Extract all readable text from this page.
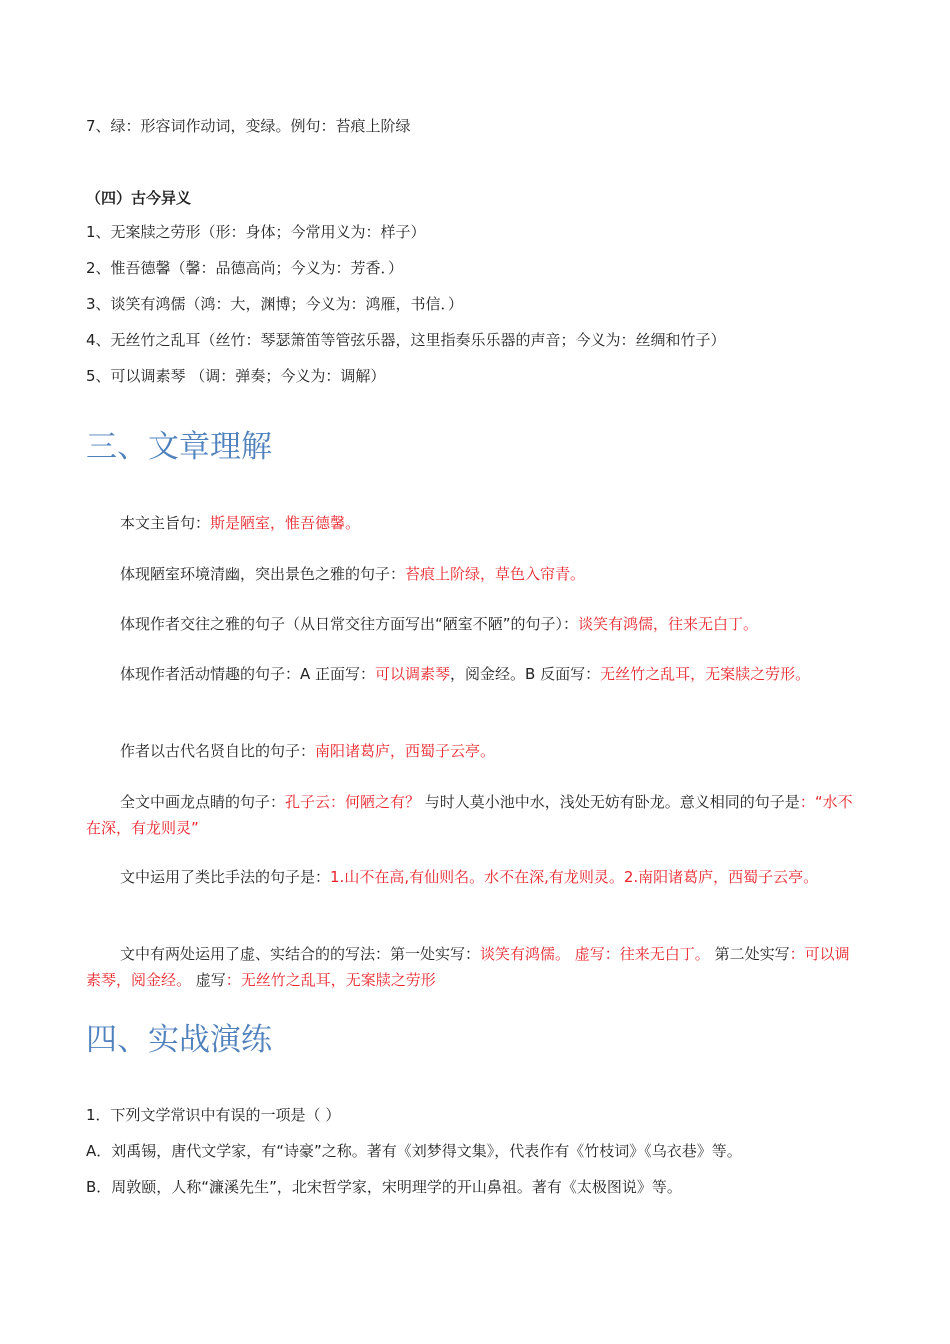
7、绿：形容词作动词，变绿。例句：苔痕上阶绿
（四）古今异义
1、无案牍之劳形（形：身体；今常用义为：样子）
2、惟吾德馨（馨：品德高尚；今义为：芳香．）
3、谈笑有鸿儒（鸿：大，渊博；今义为：鸿雁，书信．）
4、无丝竹之乱耳（丝竹：琴瑟箫笛等管弦乐器，这里指奏乐乐器的声音；今义为：丝绸和竹子）
5、可以调素琴 （调：弹奏；今义为：调解）
三、文章理解
本文主旨句：斯是陋室，惟吾德馨。
体现陋室环境清幽，突出景色之雅的句子：苔痕上阶绿，草色入帘青。
体现作者交往之雅的句子（从日常交往方面写出“陋室不陋”的句子）：谈笑有鸿儒，往来无白丁。
体现作者活动情趣的句子：A 正面写：可以调素琴，阅金经。B 反面写：无丝竹之乱耳，无案牍之劳形。
作者以古代名贤自比的句子：南阳诸葛庐，西蜀子云亭。
全文中画龙点睛的句子：孔子云：何陋之有？ 与时人莫小池中水，浅处无妨有卧龙。意义相同的句子是：“水不在深，有龙则灵”
文中运用了类比手法的句子是：1.山不在高,有仙则名。水不在深,有龙则灵。2.南阳诸葛庐，西蜀子云亭。
文中有两处运用了虚、实结合的的写法：第一处实写：谈笑有鸿儒。 虚写：往来无白丁。 第二处实写：可以调素琴，阅金经。 虚写：无丝竹之乱耳，无案牍之劳形
四、实战演练
1．下列文学常识中有误的一项是（ ）
A．刘禹锡，唐代文学家，有“诗豪”之称。著有《刘梦得文集》，代表作有《竹枝词》《乌衣巷》等。
B．周敦颐，人称“濂溪先生”，北宋哲学家，宋明理学的开山鼻祖。著有《太极图说》等。
